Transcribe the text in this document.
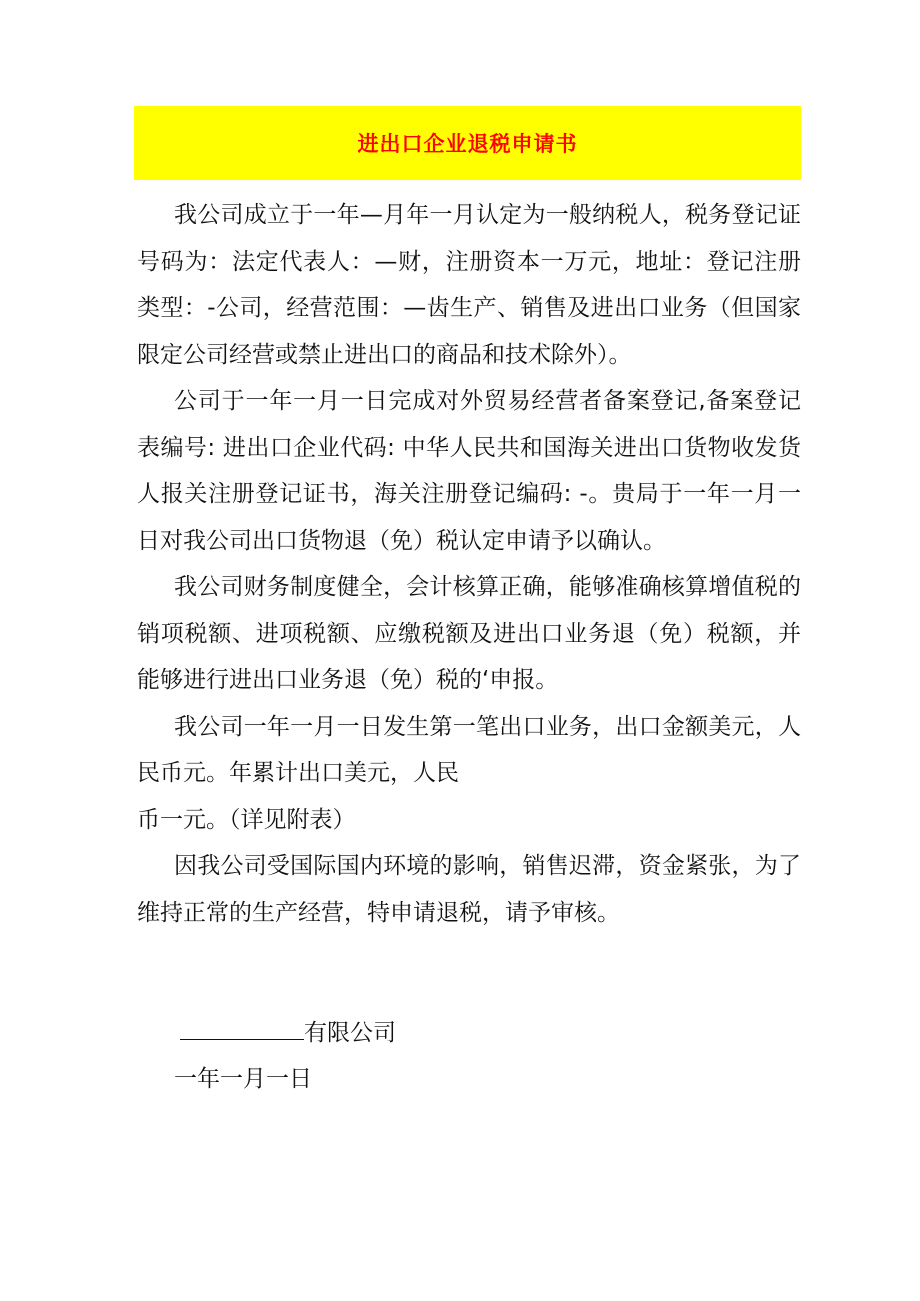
进出口企业退税申请书

我公司成立于一年—月年一月认定为一般纳税人，税务登记证号码为：法定代表人：—财，注册资本一万元，地址：登记注册类型：-公司，经营范围：—齿生产、销售及进出口业务（但国家限定公司经营或禁止进出口的商品和技术除外）。

公司于一年一月一日完成对外贸易经营者备案登记,备案登记表编号: 进出口企业代码: 中华人民共和国海关进出口货物收发货人报关注册登记证书，海关注册登记编码: -。贵局于一年一月一日对我公司出口货物退（免）税认定申请予以确认。

我公司财务制度健全，会计核算正确，能够准确核算增值税的销项税额、进项税额、应缴税额及进出口业务退（免）税额，并能够进行进出口业务退（免）税的‘申报。

我公司一年一月一日发生第一笔出口业务，出口金额美元，人民币元。年累计出口美元，人民

币一元。（详见附表）

因我公司受国际国内环境的影响，销售迟滞，资金紧张，为了维持正常的生产经营，特申请退税，请予审核。

有限公司
一年一月一日
